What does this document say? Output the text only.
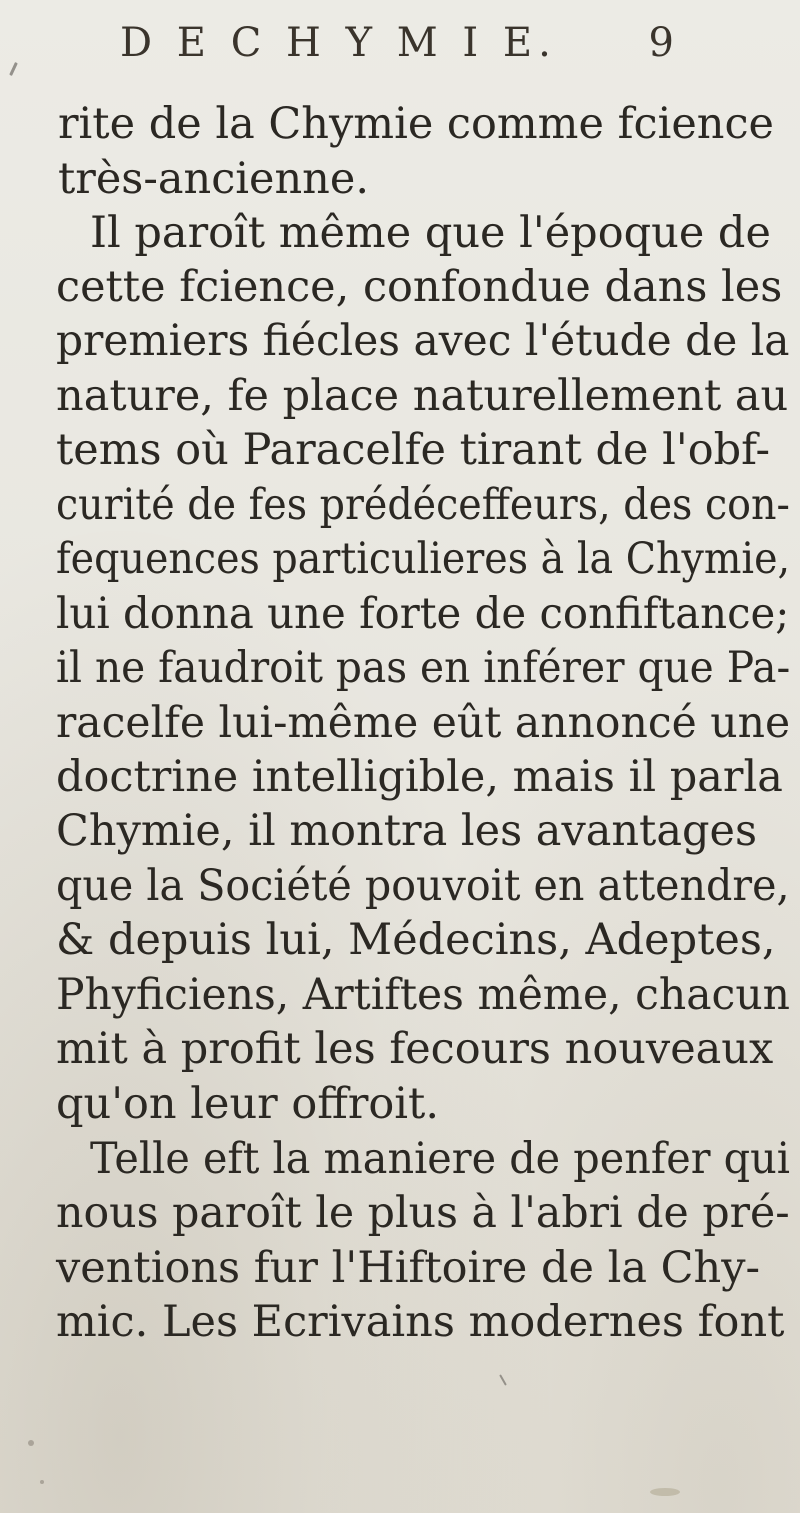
D E C H Y M I E. 9
rite de la Chymie comme fcience
très-ancienne.
Il paroît même que l'époque de
cette fcience, confondue dans les
premiers fiécles avec l'étude de la
nature, fe place naturellement au
tems où Paracelfe tirant de l'obf-
curité de fes prédéceffeurs, des con-
fequences particulieres à la Chymie,
lui donna une forte de confiftance;
il ne faudroit pas en inférer que Pa-
racelfe lui-même eût annoncé une
doctrine intelligible, mais il parla
Chymie, il montra les avantages
que la Société pouvoit en attendre,
& depuis lui, Médecins, Adeptes,
Phyficiens, Artiftes même, chacun
mit à profit les fecours nouveaux
qu'on leur offroit.
Telle eft la maniere de penfer qui
nous paroît le plus à l'abri de pré-
ventions fur l'Hiftoire de la Chy-
mic. Les Ecrivains modernes font
